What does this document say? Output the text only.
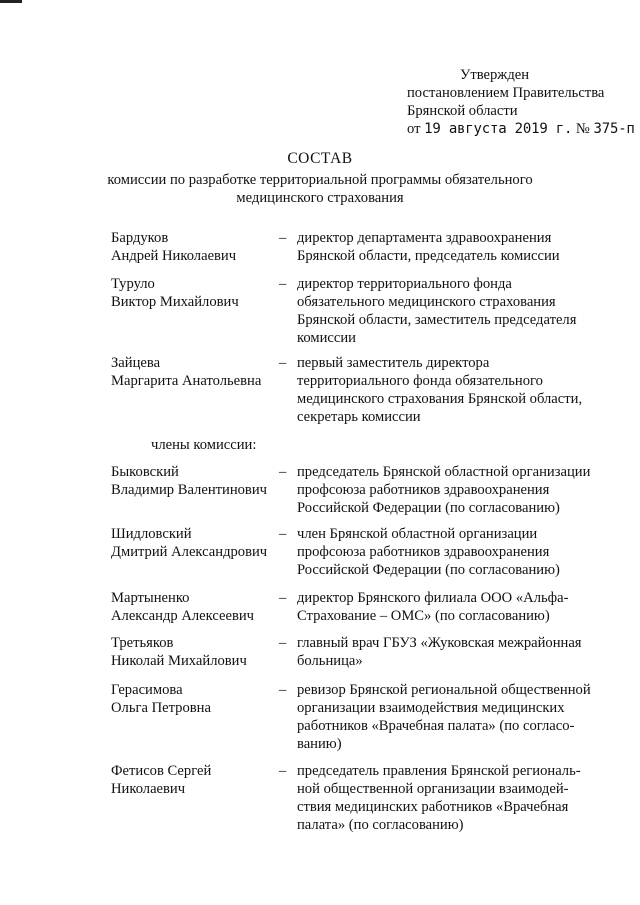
Утвержден
постановлением Правительства
Брянской области
от 19 августа 2019 г. № 375-п
СОСТАВ
комиссии по разработке территориальной программы обязательного
медицинского страхования
Бардуков
Андрей Николаевич
– директор департамента здравоохранения
Брянской области, председатель комиссии
Туруло
Виктор Михайлович
– директор территориального фонда
обязательного медицинского страхования
Брянской области, заместитель председателя
комиссии
Зайцева
Маргарита Анатольевна
– первый заместитель директора
территориального фонда обязательного
медицинского страхования Брянской области,
секретарь комиссии
члены комиссии:
Быковский
Владимир Валентинович
– председатель Брянской областной организации
профсоюза работников здравоохранения
Российской Федерации (по согласованию)
Шидловский
Дмитрий Александрович
– член Брянской областной организации
профсоюза работников здравоохранения
Российской Федерации (по согласованию)
Мартыненко
Александр Алексеевич
– директор Брянского филиала ООО «Альфа-
Страхование – ОМС» (по согласованию)
Третьяков
Николай Михайлович
– главный врач ГБУЗ «Жуковская межрайонная
больница»
Герасимова
Ольга Петровна
– ревизор Брянской региональной общественной
организации взаимодействия медицинских
работников «Врачебная палата» (по согласо-
ванию)
Фетисов Сергей
Николаевич
– председатель правления Брянской региональ-
ной общественной организации взаимодей-
ствия медицинских работников «Врачебная
палата» (по согласованию)
